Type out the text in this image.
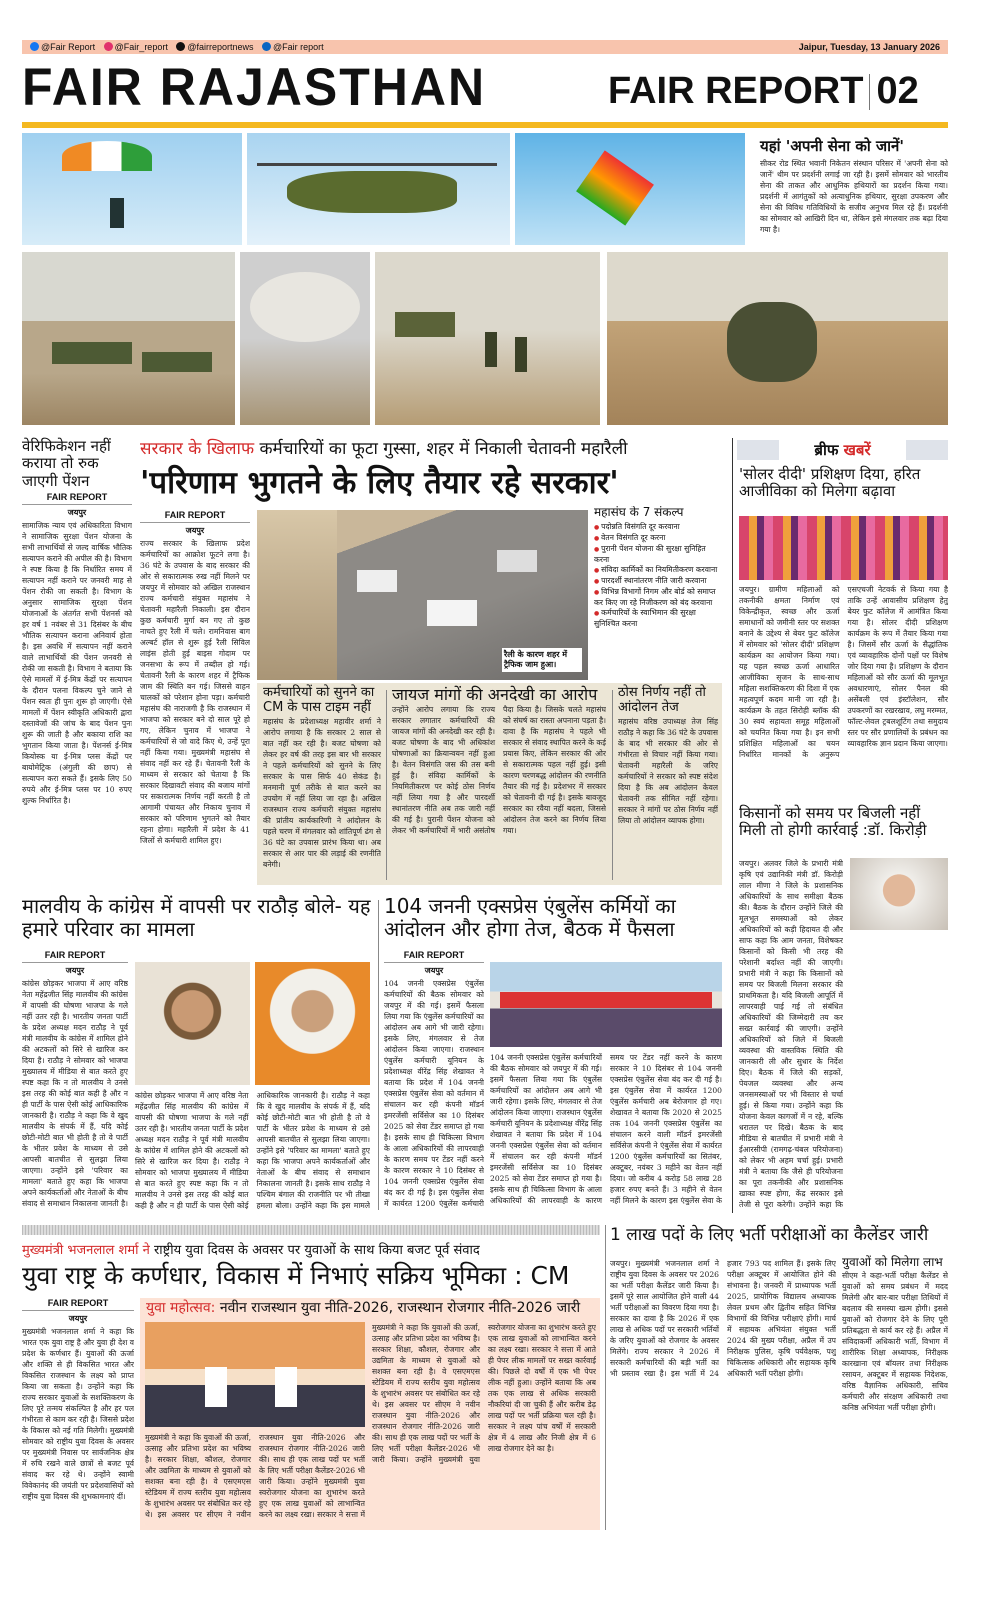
@Fair Report @Fair_report @fairreportnews @Fair report	Jaipur, Tuesday, 13 January 2026
FAIR RAJASTHAN	FAIR REPORT 02
यहां 'अपनी सेना को जानें'
सीकर रोड स्थित भवानी निकेतन संस्थान परिसर में 'अपनी सेना को जानें' थीम पर प्रदर्शनी लगाई जा रही है। इसमें सोमवार को भारतीय सेना की ताकत और आधुनिक हथियारों का प्रदर्शन किया गया। प्रदर्शनी में आगंतुकों को अत्याधुनिक हथियार, सुरक्षा उपकरण और सेना की विविध गतिविधियों के सजीव अनुभव मिल रहे हैं। प्रदर्शनी का सोमवार को आखिरी दिन था, लेकिन इसे मंगलवार तक बढ़ा दिया गया है।
वेरिफिकेशन नहीं कराया तो रुक जाएगी पेंशन
FAIR REPORT
जयपुर
सामाजिक न्याय एवं अधिकारिता विभाग ने सामाजिक सुरक्षा पेंशन योजना के सभी लाभार्थियों से जल्द वार्षिक भौतिक सत्यापन कराने की अपील की है। विभाग ने स्पष्ट किया है कि निर्धारित समय में सत्यापन नहीं कराने पर जनवरी माह से पेंशन रोकी जा सकती है। विभाग के अनुसार सामाजिक सुरक्षा पेंशन योजनाओं के अंतर्गत सभी पेंशनर्स को हर वर्ष 1 नवंबर से 31 दिसंबर के बीच भौतिक सत्यापन कराना अनिवार्य होता है। इस अवधि में सत्यापन नहीं कराने वाले लाभार्थियों की पेंशन जनवरी से रोकी जा सकती है। विभाग ने बताया कि ऐसे मामलों में ई-मित्र केंद्रों पर सत्यापन के दौरान पलना विकल्प चुने जाने से पेंशन स्वतः ही पुनः शुरू हो जाएगी। ऐसे मामलों में पेंशन स्वीकृति अधिकारी द्वारा दस्तावेजों की जांच के बाद पेंशन पुनः शुरू की जाती है और बकाया राशि का भुगतान किया जाता है। पेंशनर्स ई-मित्र कियोस्क या ई-मित्र प्लस केंद्रों पर बायोमेट्रिक (अंगुली की छाप) से सत्यापन करा सकते हैं। इसके लिए 50 रुपये और ई-मित्र प्लस पर 10 रुपए शुल्क निर्धारित है।
सरकार के खिलाफ कर्मचारियों का फूटा गुस्सा, शहर में निकाली चेतावनी महारैली
'परिणाम भुगतने के लिए तैयार रहे सरकार'
FAIR REPORT
जयपुर
राज्य सरकार के खिलाफ प्रदेश कर्मचारियों का आक्रोश फूटने लगा है। 36 घंटे के उपवास के बाद सरकार की ओर से सकारात्मक रुख नहीं मिलने पर जयपुर में सोमवार को अखिल राजस्थान राज्य कर्मचारी संयुक्त महासंघ ने चेतावनी महारैली निकाली। इस दौरान कुछ कर्मचारी मुर्गा बन गए तो कुछ नाचते हुए रैली में चले। रामनिवास बाग अल्बर्ट हॉल से शुरू हुई रैली सिविल लाइंस होती हुई बाइस गोदाम पर जनसभा के रूप में तब्दील हो गई। चेतावनी रैली के कारण शहर में ट्रैफिक जाम की स्थिति बन गई। जिससे वाहन चालकों को परेशान होना पड़ा। कर्मचारी महासंघ की नाराजगी है कि राजस्थान में भाजपा को सरकार बने दो साल पूरे हो गए, लेकिन चुनाव में भाजपा ने कर्मचारियों से जो वादे किए थे, उन्हें पूरा नहीं किया गया। मुख्यमंत्री महासंघ से संवाद नहीं कर रहे हैं। चेतावनी रैली के माध्यम से सरकार को चेताया है कि सरकार दिखावटी संवाद की बजाय मांगों पर सकारात्मक निर्णय नहीं करती है तो आगामी पंचायत और निकाय चुनाव में सरकार को परिणाम भुगतने को तैयार रहना होगा। महारैली में प्रदेश के 41 जिलों से कर्मचारी शामिल हुए।
रैली के कारण शहर में ट्रैफिक जाम हुआ।
महासंघ के 7 संकल्प
● पदोन्नति विसंगति दूर करवाना
● वेतन विसंगति दूर करना
● पुरानी पेंशन योजना की सुरक्षा सुनिहित करना
● संविदा कार्मिकों का नियमितीकरण करवाना
● पारदर्शी स्थानांतरण नीति जारी करवाना
● विभिन्न विभागों निगम और बोर्ड को समाप्त कर किए जा रहे निजीकरण को बंद करवाना
● कर्मचारियों के स्वाभिमान की सुरक्षा सुनिश्चित करना
कर्मचारियों को सुनने का CM के पास टाइम नहीं
महासंघ के प्रदेशाध्यक्ष महावीर शर्मा ने आरोप लगाया है कि सरकार 2 साल से बात नहीं कर रही है। बजट घोषणा को लेकर हर वर्ष की तरह इस बार भी सरकार ने पहले कर्मचारियों को सुनने के लिए सरकार के पास सिर्फ 40 सेकंड है। मनमानी पूर्ण तरीके से बात करने का उपयोग में नहीं लिया जा रहा है। अखिल राजस्थान राज्य कर्मचारी संयुक्त महासंघ की प्रांतीय कार्यकारिणी ने आंदोलन के पहले चरण में मंगलवार को शांतिपूर्ण ढंग से 36 घंटे का उपवास प्रारंभ किया था। अब सरकार से आर पार की लड़ाई की रणनीति बनेगी।
जायज मांगों की अनदेखी का आरोप
उन्होंने आरोप लगाया कि राज्य सरकार लगातार कर्मचारियों की जायज मांगों की अनदेखी कर रही है। बजट घोषणा के बाद भी अधिकांश घोषणाओं का क्रियान्वयन नहीं हुआ है। वेतन विसंगति जस की तस बनी हुई है। संविदा कार्मिकों के नियमितीकरण पर कोई ठोस निर्णय नहीं लिया गया है और पारदर्शी स्थानांतरण नीति अब तक जारी नहीं की गई है। पुरानी पेंशन योजना को लेकर भी कर्मचारियों में भारी असंतोष पैदा किया है। जिसके चलते महासंघ को संघर्ष का रास्ता अपनाना पड़ता है। दावा है कि महासंघ ने पहले भी सरकार से संवाद स्थापित करने के कई प्रयास किए, लेकिन सरकार की ओर से सकारात्मक पहल नहीं हुई। इसी कारण चरणबद्ध आंदोलन की रणनीति तैयार की गई है। प्रदेशभर में सरकार को चेतावनी दी गई है। इसके बावजूद सरकार का रवैया नहीं बदला, जिससे आंदोलन तेज करने का निर्णय लिया गया।
ठोस निर्णय नहीं तो आंदोलन तेज
महासंघ वरिष्ठ उपाध्यक्ष तेज सिंह राठौड़ ने कहा कि 36 घंटे के उपवास के बाद भी सरकार की ओर से गंभीरता से विचार नहीं किया गया। चेतावनी महारैली के जरिए कर्मचारियों ने सरकार को स्पष्ट संदेश दिया है कि अब आंदोलन केवल चेतावनी तक सीमित नहीं रहेगा। सरकार ने मांगों पर ठोस निर्णय नहीं लिया तो आंदोलन व्यापक होगा।
ब्रीफ खबरें
'सोलर दीदी' प्रशिक्षण दिया, हरित आजीविका को मिलेगा बढ़ावा
जयपुर। ग्रामीण महिलाओं को तकनीकी क्षमता निर्माण एवं विकेन्द्रीकृत, स्वच्छ और ऊर्जा समाधानों को जमीनी स्तर पर सशक्त बनाने के उद्देश्य से बेयर फुट कॉलेज में सोमवार को 'सोलर दीदी' प्रशिक्षण कार्यक्रम का आयोजन किया गया। यह पहल स्वच्छ ऊर्जा आधारित आजीविका सृजन के साथ-साथ महिला सशक्तिकरण की दिशा में एक महत्वपूर्ण कदम मानी जा रही है। कार्यक्रम के तहत सिरोही ब्लॉक की 30 स्वयं सहायता समूह महिलाओं को चयनित किया गया है। इन सभी प्रशिक्षित महिलाओं का चयन निर्धारित मानकों के अनुरूप एसएचजी नेटवर्क से किया गया है ताकि उन्हें आवासीय प्रशिक्षण हेतु बेयर फुट कॉलेज में आमंत्रित किया गया है। सोलर दीदी प्रशिक्षण कार्यक्रम के रूप में तैयार किया गया है। जिसमें सौर ऊर्जा के सैद्धांतिक एवं व्यावहारिक दोनों पक्षों पर विशेष जोर दिया गया है। प्रशिक्षण के दौरान महिलाओं को सौर ऊर्जा की मूलभूत अवधारणाएं, सोलर पैनल की असेंबली एवं इंस्टॉलेशन, सौर उपकरणों का रखरखाव, लघु मरम्मत, फॉल्ट-लेवल ट्रबलशूटिंग तथा समुदाय स्तर पर सौर प्रणालियों के प्रबंधन का व्यावहारिक ज्ञान प्रदान किया जाएगा।
किसानों को समय पर बिजली नहीं मिली तो होगी कार्रवाई :डॉ. किरोड़ी
जयपुर। अलवर जिले के प्रभारी मंत्री कृषि एवं उद्यानिकी मंत्री डॉ. किरोड़ी लाल मीणा ने जिले के प्रशासनिक अधिकारियों के साथ समीक्षा बैठक की। बैठक के दौरान उन्होंने जिले की मूलभूत समस्याओं को लेकर अधिकारियों को कड़ी हिदायत दी और साफ कहा कि आम जनता, विशेषकर किसानों को किसी भी तरह की परेशानी बर्दाश्त नहीं की जाएगी। प्रभारी मंत्री ने कहा कि किसानों को समय पर बिजली मिलना सरकार की प्राथमिकता है। यदि बिजली आपूर्ति में लापरवाही पाई गई तो संबंधित अधिकारियों की जिम्मेदारी तय कर सख्त कार्रवाई की जाएगी। उन्होंने अधिकारियों को जिले में बिजली व्यवस्था की वास्तविक स्थिति की जानकारी ली और सुधार के निर्देश दिए। बैठक में जिले की सड़कों, पेयजल व्यवस्था और अन्य जनसमस्याओं पर भी विस्तार से चर्चा हुई। से किया गया। उन्होंने कहा कि योजना केवल कागजों में न रहे, बल्कि धरातल पर दिखे। बैठक के बाद मीडिया से बातचीत में प्रभारी मंत्री ने ईआरसीपी (रामगढ़-चंबल परियोजना) को लेकर भी अहम चर्चा हुई। प्रभारी मंत्री ने बताया कि जैसे ही परियोजना का पूरा तकनीकी और प्रशासनिक खाका स्पष्ट होगा, केंद्र सरकार इसे तेजी से पूरा करेगी। उन्होंने कहा कि
मालवीय के कांग्रेस में वापसी पर राठौड़ बोले- यह हमारे परिवार का मामला
FAIR REPORT
जयपुर
कांग्रेस छोड़कर भाजपा में आए वरिष्ठ नेता महेंद्रजीत सिंह मालवीय की कांग्रेस में वापसी की घोषणा भाजपा के गले नहीं उतर रही है। भारतीय जनता पार्टी के प्रदेश अध्यक्ष मदन राठौड़ ने पूर्व मंत्री मालवीय के कांग्रेस में शामिल होने की अटकलों को सिरे से खारिज कर दिया है। राठौड़ ने सोमवार को भाजपा मुख्यालय में मीडिया से बात करते हुए स्पष्ट कहा कि न तो मालवीय ने उनसे इस तरह की कोई बात कही है और न ही पार्टी के पास ऐसी कोई आधिकारिक जानकारी है। राठौड़ ने कहा कि वे खुद मालवीय के संपर्क में हैं, यदि कोई छोटी-मोटी बात भी होती है तो वे पार्टी के भीतर प्रवेश के माध्यम से उसे आपसी बातचीत से सुलझा लिया जाएगा। उन्होंने इसे 'परिवार का मामला' बताते हुए कहा कि भाजपा अपने कार्यकर्ताओं और नेताओं के बीच संवाद से समाधान निकालना जानती है।
कांग्रेस छोड़कर भाजपा में आए वरिष्ठ नेता महेंद्रजीत सिंह मालवीय की कांग्रेस में वापसी की घोषणा भाजपा के गले नहीं उतर रही है। भारतीय जनता पार्टी के प्रदेश अध्यक्ष मदन राठौड़ ने पूर्व मंत्री मालवीय के कांग्रेस में शामिल होने की अटकलों को सिरे से खारिज कर दिया है। राठौड़ ने सोमवार को भाजपा मुख्यालय में मीडिया से बात करते हुए स्पष्ट कहा कि न तो मालवीय ने उनसे इस तरह की कोई बात कही है और न ही पार्टी के पास ऐसी कोई आधिकारिक जानकारी है। राठौड़ ने कहा कि वे खुद मालवीय के संपर्क में हैं, यदि कोई छोटी-मोटी बात भी होती है तो वे पार्टी के भीतर प्रवेश के माध्यम से उसे आपसी बातचीत से सुलझा लिया जाएगा। उन्होंने इसे 'परिवार का मामला' बताते हुए कहा कि भाजपा अपने कार्यकर्ताओं और नेताओं के बीच संवाद से समाधान निकालना जानती है। इसके साथ राठौड़ ने पश्चिम बंगाल की राजनीति पर भी तीखा हमला बोला। उन्होंने कहा कि इस मामले
104 जननी एक्सप्रेस एंबुलेंस कर्मियों का आंदोलन और होगा तेज, बैठक में फैसला
FAIR REPORT
जयपुर
104 जननी एक्सप्रेस एंबुलेंस कर्मचारियों की बैठक सोमवार को जयपुर में की गई। इसमें फैसला लिया गया कि एंबुलेंस कर्मचारियों का आंदोलन अब आगे भी जारी रहेगा। इसके लिए, मंगलवार से तेज आंदोलन किया जाएगा। राजस्थान एंबुलेंस कर्मचारी यूनियन के प्रदेशाध्यक्ष वीरेंद्र सिंह शेखावत ने बताया कि प्रदेश में 104 जननी एक्सप्रेस एंबुलेंस सेवा को वर्तमान में संचालन कर रही कंपनी मॉडर्न इमरजेंसी सर्विसेज का 10 दिसंबर 2025 को सेवा टेंडर समाप्त हो गया है। इसके साथ ही चिकित्सा विभाग के आला अधिकारियों की लापरवाही के कारण समय पर टेंडर नहीं करने के कारण सरकार ने 10 दिसंबर से 104 जननी एक्सप्रेस एंबुलेंस सेवा बंद कर दी गई है। इस एंबुलेंस सेवा में कार्यरत 1200 एंबुलेंस कर्मचारी
104 जननी एक्सप्रेस एंबुलेंस कर्मचारियों की बैठक सोमवार को जयपुर में की गई। इसमें फैसला लिया गया कि एंबुलेंस कर्मचारियों का आंदोलन अब आगे भी जारी रहेगा। इसके लिए, मंगलवार से तेज आंदोलन किया जाएगा। राजस्थान एंबुलेंस कर्मचारी यूनियन के प्रदेशाध्यक्ष वीरेंद्र सिंह शेखावत ने बताया कि प्रदेश में 104 जननी एक्सप्रेस एंबुलेंस सेवा को वर्तमान में संचालन कर रही कंपनी मॉडर्न इमरजेंसी सर्विसेज का 10 दिसंबर 2025 को सेवा टेंडर समाप्त हो गया है। इसके साथ ही चिकित्सा विभाग के आला अधिकारियों की लापरवाही के कारण समय पर टेंडर नहीं करने के कारण सरकार ने 10 दिसंबर से 104 जननी एक्सप्रेस एंबुलेंस सेवा बंद कर दी गई है। इस एंबुलेंस सेवा में कार्यरत 1200 एंबुलेंस कर्मचारी अब बेरोजगार हो गए। शेखावत ने बताया कि 2020 से 2025 तक 104 जननी एक्सप्रेस एंबुलेंस का संचालन करने वाली मॉडर्न इमरजेंसी सर्विसेज कंपनी ने एंबुलेंस सेवा में कार्यरत 1200 एंबुलेंस कर्मचारियों का सितंबर, अक्टूबर, नवंबर 3 महीने का वेतन नहीं दिया। जो करीब 4 करोड़ 58 लाख 28 हजार रुपए बनते हैं। 3 महीने से वेतन नहीं मिलने के कारण इस एंबुलेंस सेवा के
मुख्यमंत्री भजनलाल शर्मा ने राष्ट्रीय युवा दिवस के अवसर पर युवाओं के साथ किया बजट पूर्व संवाद
युवा राष्ट्र के कर्णधार, विकास में निभाएं सक्रिय भूमिका : CM
FAIR REPORT
जयपुर
मुख्यमंत्री भजनलाल शर्मा ने कहा कि भारत एक युवा राष्ट्र है और युवा ही देश व प्रदेश के कर्णधार हैं। युवाओं की ऊर्जा और शक्ति से ही विकसित भारत और विकसित राजस्थान के लक्ष्य को प्राप्त किया जा सकता है। उन्होंने कहा कि राज्य सरकार युवाओं के सशक्तिकरण के लिए पूरे तन्मय संकल्पित है और हर पल गंभीरता से काम कर रही है। जिससे प्रदेश के विकास को नई गति मिलेगी। मुख्यमंत्री सोमवार को राष्ट्रीय युवा दिवस के अवसर पर मुख्यमंत्री निवास पर सार्वजनिक क्षेत्र में रुचि रखने वाले छात्रों से बजट पूर्व संवाद कर रहे थे। उन्होंने स्वामी विवेकानंद की जयंती पर प्रदेशवासियों को राष्ट्रीय युवा दिवस की शुभकामनाएं दीं।
युवा महोत्सव: नवीन राजस्थान युवा नीति-2026, राजस्थान रोजगार नीति-2026 जारी
मुख्यमंत्री ने कहा कि युवाओं की ऊर्जा, उत्साह और प्रतिभा प्रदेश का भविष्य है। सरकार शिक्षा, कौशल, रोजगार और उद्यमिता के माध्यम से युवाओं को सशक्त बना रही है। वे एसएमएस स्टेडियम में राज्य स्तरीय युवा महोत्सव के शुभारंभ अवसर पर संबोधित कर रहे थे। इस अवसर पर सीएम ने नवीन राजस्थान युवा नीति-2026 और राजस्थान रोजगार नीति-2026 जारी की। साथ ही एक लाख पदों पर भर्ती के लिए भर्ती परीक्षा कैलेंडर-2026 भी जारी किया। उन्होंने मुख्यमंत्री युवा स्वरोजगार योजना का शुभारंभ करते हुए एक लाख युवाओं को लाभान्वित करने का लक्ष्य रखा। सरकार ने सत्ता में
मुख्यमंत्री ने कहा कि युवाओं की ऊर्जा, उत्साह और प्रतिभा प्रदेश का भविष्य है। सरकार शिक्षा, कौशल, रोजगार और उद्यमिता के माध्यम से युवाओं को सशक्त बना रही है। वे एसएमएस स्टेडियम में राज्य स्तरीय युवा महोत्सव के शुभारंभ अवसर पर संबोधित कर रहे थे। इस अवसर पर सीएम ने नवीन राजस्थान युवा नीति-2026 और राजस्थान रोजगार नीति-2026 जारी की। साथ ही एक लाख पदों पर भर्ती के लिए भर्ती परीक्षा कैलेंडर-2026 भी जारी किया। उन्होंने मुख्यमंत्री युवा स्वरोजगार योजना का शुभारंभ करते हुए एक लाख युवाओं को लाभान्वित करने का लक्ष्य रखा। सरकार ने सत्ता में आते ही पेपर लीक मामलों पर सख्त कार्रवाई की। पिछले दो वर्षों में एक भी पेपर लीक नहीं हुआ। उन्होंने बताया कि अब तक एक लाख से अधिक सरकारी नौकरियां दी जा चुकी हैं और करीब डेढ़ लाख पदों पर भर्ती प्रक्रिया चल रही है। सरकार ने लक्ष्य पांच वर्षों में सरकारी क्षेत्र में 4 लाख और निजी क्षेत्र में 6 लाख रोजगार देने का है।
1 लाख पदों के लिए भर्ती परीक्षाओं का कैलेंडर जारी
जयपुर। मुख्यमंत्री भजनलाल शर्मा ने राष्ट्रीय युवा दिवस के अवसर पर 2026 का भर्ती परीक्षा कैलेंडर जारी किया है। इसमें पूरे साल आयोजित होने वाली 44 भर्ती परीक्षाओं का विवरण दिया गया है। सरकार का दावा है कि 2026 में एक लाख से अधिक पदों पर सरकारी भर्तियों के जरिए युवाओं को रोजगार के अवसर मिलेंगे। राज्य सरकार ने 2026 में सरकारी कर्मचारियों की बड़ी भर्ती का भी प्रस्ताव रखा है। इस भर्ती में 24 हजार 793 पद शामिल हैं। इसके लिए परीक्षा अक्टूबर में आयोजित होने की संभावना है। जनवरी में प्राध्यापक भर्ती 2025, प्रायोगिक विद्यालय अध्यापक लेवल प्रथम और द्वितीय सहित विभिन्न विभागों की विभिन्न परीक्षाएं होंगी। मार्च में सहायक अभियंता संयुक्त भर्ती 2024 की मुख्य परीक्षा, अप्रैल में उप निरीक्षक पुलिस, कृषि पर्यवेक्षक, पशु चिकित्सक अधिकारी और सहायक कृषि अधिकारी भर्ती परीक्षा होगी।
युवाओं को मिलेगा लाभ
सीएम ने कहा-भर्ती परीक्षा कैलेंडर से युवाओं को समय प्रबंधन में मदद मिलेगी और बार-बार परीक्षा तिथियों में बदलाव की समस्या खत्म होगी। इससे युवाओं को रोजगार देने के लिए पूरी प्रतिबद्धता से कार्य कर रहे हैं। अप्रैल में संविदाकर्मी अधिकारी भर्ती, विभाग में शारीरिक शिक्षा अध्यापक, निरीक्षक कारखाना एवं बॉयलर तथा निरीक्षक रसायन, अक्टूबर में सहायक निदेशक, वरिष्ठ वैज्ञानिक अधिकारी, सचिव कर्मचारी और संरक्षण अधिकारी तथा कनिष्ठ अभियंता भर्ती परीक्षा होगी।
